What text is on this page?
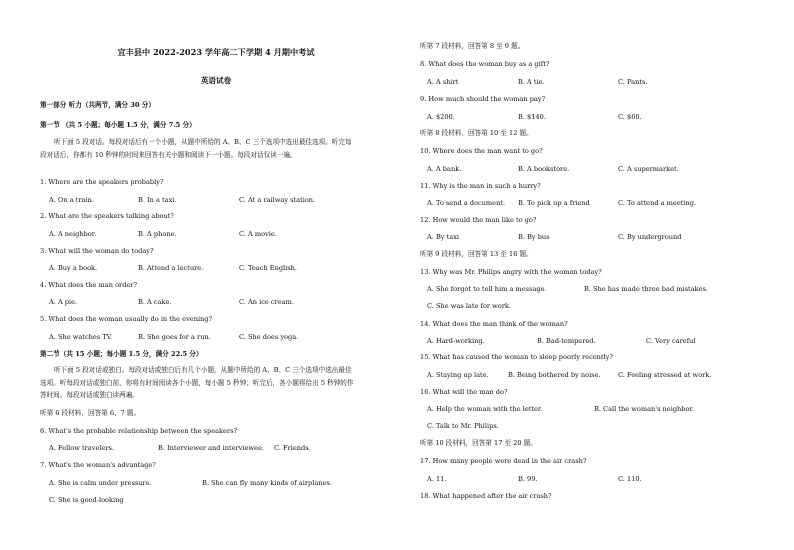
宜丰县中 2022-2023 学年高二下学期 4 月期中考试
英语试卷
第一部分 听力（共两节，满分 30 分）
第一节 （共 5 小题；每小题 1.5 分，满分 7.5 分）
听下面 5 段对话。每段对话后有一个小题，从题中所给的 A、B、C 三个选项中选出最佳选项。听完每段对话后，你都有 10 秒钟的时间来回答有关小题和阅读下一小题。每段对话仅读一遍。
1. Where are the speakers probably?
A. On a train.	B. In a taxi.	C. At a railway station.
2. What are the speakers talking about?
A. A neighbor.	B. A phone.	C. A movie.
3. What will the woman do today?
A. Buy a book.	B. Attend a lecture.	C. Teach English.
4. What does the man order?
A. A pie.	B. A cake.	C. An ice cream.
5. What does the woman usually do in the evening?
A. She watches TV.	B. She goes for a run.	C. She does yoga.
第二节（共 15 小题；每小题 1.5 分，满分 22.5 分）
听下面 5 段对话或独白。每段对话或独白后有几个小题，从题中所给的 A、B、C 三个选项中选出最佳选项。听每段对话或独白前，你将有时间阅读各个小题，每小题 5 秒钟；听完后，各小题将给出 5 秒钟的作答时间。每段对话或独白读两遍。
听第 6 段材料，回答第 6、7 题。
6. What's the probable relationship between the speakers?
A. Fellow travelers.	B. Interviewer and interviewee. C. Friends.
7. What's the woman's advantage?
A. She is calm under pressure.	B. She can fly many kinds of airplanes.
C. She is good-looking
听第 7 段材料，回答第 8 至 9 题。
8. What does the woman buy as a gift?
A. A shirt	B. A tie.	C. Pants.
9. How much should the woman pay?
A. $200.	B. $140.	C. $60.
听第 8 段材料，回答第 10 至 12 题。
10. Where does the man want to go?
A. A bank.	B. A bookstore.	C. A supermarket.
11. Why is the man in such a hurry?
A. To send a document. B. To pick up a friend	C. To attend a meeting.
12. How would the man like to go?
A. By taxi	B. By bus	C. By underground
听第 9 段材料，回答第 13 至 16 题。
13. Why was Mr. Philips angry with the woman today?
A. She forgot to tell him a message.	B. She has made three bad mistakes.
C. She was late for work.
14. What does the man think of the woman?
A. Hard-working.	B. Bad-tempered.	C. Very careful
15. What has caused the woman to sleep poorly recently?
A. Staying up late.	B. Being bothered by noise.	C. Feeling stressed at work.
16. What will the man do?
A. Help the woman with the letter.	B. Call the woman's neighbor.
C. Talk to Mr. Philips.
听第 10 段材料，回答第 17 至 20 题。
17. How many people were dead in the air crash?
A. 11.	B. 99.	C. 110.
18. What happened after the air crash?
